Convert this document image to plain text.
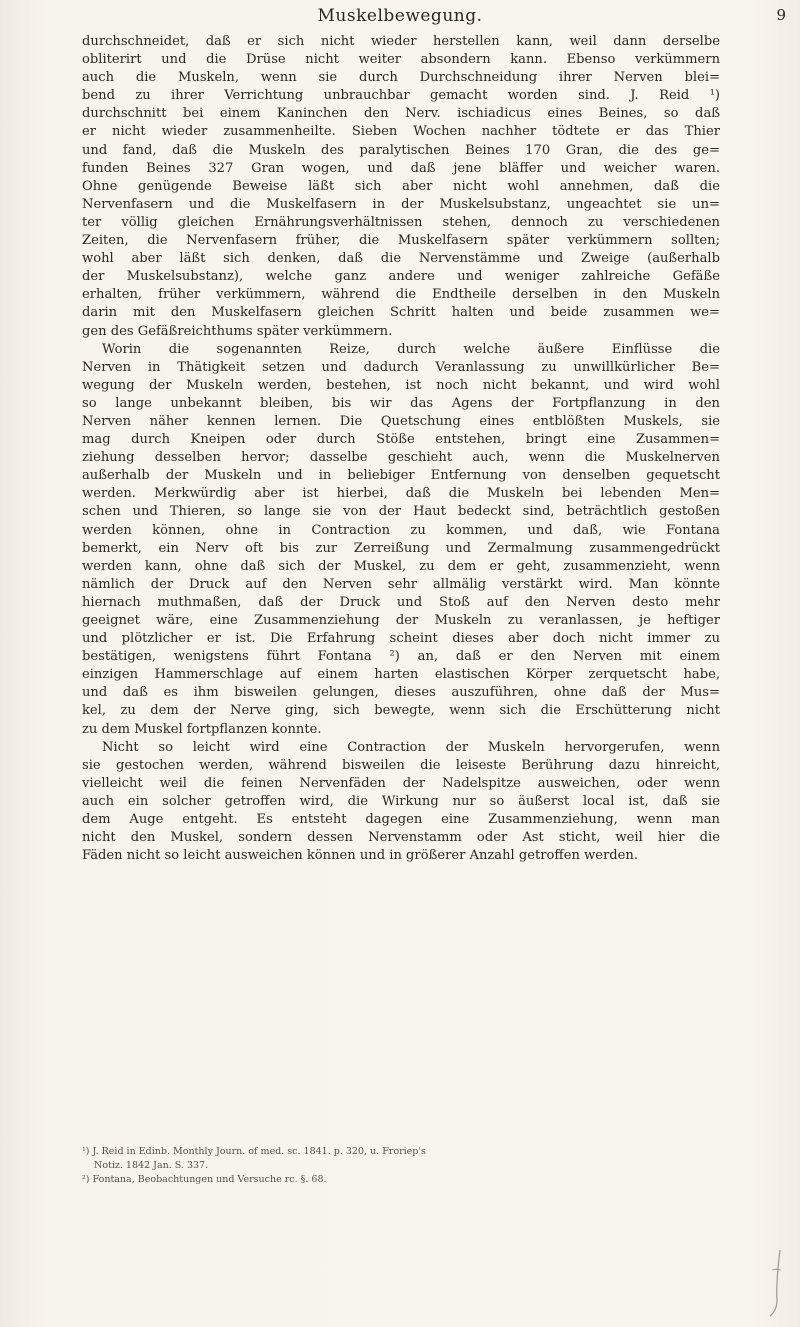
Muskelbewegung.	9
durchschneidet, daß er sich nicht wieder herstellen kann, weil dann derselbe
obliterirt und die Drüse nicht weiter absondern kann. Ebenso verkümmern
auch die Muskeln, wenn sie durch Durchschneidung ihrer Nerven blei=
bend zu ihrer Verrichtung unbrauchbar gemacht worden sind. J. Reid ¹)
durchschnitt bei einem Kaninchen den Nerv. ischiadicus eines Beines, so daß
er nicht wieder zusammenheilte. Sieben Wochen nachher tödtete er das Thier
und fand, daß die Muskeln des paralytischen Beines 170 Gran, die des ge=
funden Beines 327 Gran wogen, und daß jene bläffer und weicher waren.
Ohne genügende Beweise läßt sich aber nicht wohl annehmen, daß die
Nervenfasern und die Muskelfasern in der Muskelsubstanz, ungeachtet sie un=
ter völlig gleichen Ernährungsverhältnissen stehen, dennoch zu verschiedenen
Zeiten, die Nervenfasern früher, die Muskelfasern später verkümmern sollten;
wohl aber läßt sich denken, daß die Nervenstämme und Zweige (außerhalb
der Muskelsubstanz), welche ganz andere und weniger zahlreiche Gefäße
erhalten, früher verkümmern, während die Endtheile derselben in den Muskeln
darin mit den Muskelfasern gleichen Schritt halten und beide zusammen we=
gen des Gefäßreichthums später verkümmern.
Worin die sogenannten Reize, durch welche äußere Einflüsse die
Nerven in Thätigkeit setzen und dadurch Veranlassung zu unwillkürlicher Be=
wegung der Muskeln werden, bestehen, ist noch nicht bekannt, und wird wohl
so lange unbekannt bleiben, bis wir das Agens der Fortpflanzung in den
Nerven näher kennen lernen. Die Quetschung eines entblößten Muskels, sie
mag durch Kneipen oder durch Stöße entstehen, bringt eine Zusammen=
ziehung desselben hervor; dasselbe geschieht auch, wenn die Muskelnerven
außerhalb der Muskeln und in beliebiger Entfernung von denselben gequetscht
werden. Merkwürdig aber ist hierbei, daß die Muskeln bei lebenden Men=
schen und Thieren, so lange sie von der Haut bedeckt sind, beträchtlich gestoßen
werden können, ohne in Contraction zu kommen, und daß, wie Fontana
bemerkt, ein Nerv oft bis zur Zerreißung und Zermalmung zusammengedrückt
werden kann, ohne daß sich der Muskel, zu dem er geht, zusammenzieht, wenn
nämlich der Druck auf den Nerven sehr allmälig verstärkt wird. Man könnte
hiernach muthmaßen, daß der Druck und Stoß auf den Nerven desto mehr
geeignet wäre, eine Zusammenziehung der Muskeln zu veranlassen, je heftiger
und plötzlicher er ist. Die Erfahrung scheint dieses aber doch nicht immer zu
bestätigen, wenigstens führt Fontana ²) an, daß er den Nerven mit einem
einzigen Hammerschlage auf einem harten elastischen Körper zerquetscht habe,
und daß es ihm bisweilen gelungen, dieses auszuführen, ohne daß der Mus=
kel, zu dem der Nerve ging, sich bewegte, wenn sich die Erschütterung nicht
zu dem Muskel fortpflanzen konnte.
Nicht so leicht wird eine Contraction der Muskeln hervorgerufen, wenn
sie gestochen werden, während bisweilen die leiseste Berührung dazu hinreicht,
vielleicht weil die feinen Nervenfäden der Nadelspitze ausweichen, oder wenn
auch ein solcher getroffen wird, die Wirkung nur so äußerst local ist, daß sie
dem Auge entgeht. Es entsteht dagegen eine Zusammenziehung, wenn man
nicht den Muskel, sondern dessen Nervenstamm oder Ast sticht, weil hier die
Fäden nicht so leicht ausweichen können und in größerer Anzahl getroffen werden.
¹) J. Reid in Edinb. Monthly Journ. of med. sc. 1841. p. 320, u. Froriep's
Notiz. 1842 Jan. S. 337.
²) Fontana, Beobachtungen und Versuche rc. §. 68.
